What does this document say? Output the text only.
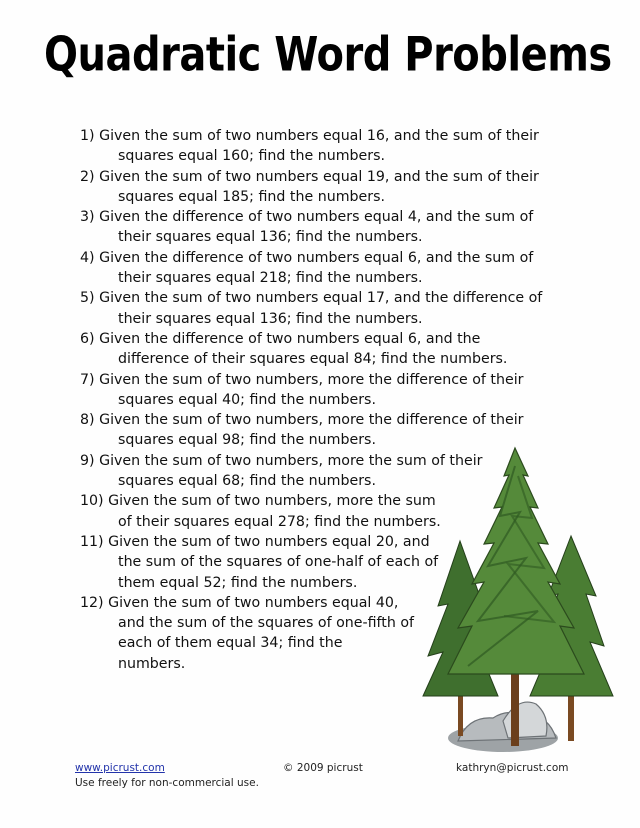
Quadratic Word Problems
1) Given the sum of two numbers equal 16, and the sum of their
squares equal 160; find the numbers.
2) Given the sum of two numbers equal 19, and the sum of their
squares equal 185; find the numbers.
3) Given the difference of two numbers equal 4, and the sum of
their squares equal 136; find the numbers.
4) Given the difference of two numbers equal 6, and the sum of
their squares equal 218; find the numbers.
5) Given the sum of two numbers equal 17, and the difference of
their squares equal 136; find the numbers.
6) Given the difference of two numbers equal 6, and the
difference of their squares equal 84; find the numbers.
7) Given the sum of two numbers, more the difference of their
squares equal 40; find the numbers.
8) Given the sum of two numbers, more the difference of their
squares equal 98; find the numbers.
9) Given the sum of two numbers, more the sum of their
squares equal 68; find the numbers.
10) Given the sum of two numbers, more the sum
of their squares equal 278; find the numbers.
11) Given the sum of two numbers equal 20, and
the sum of the squares of one-half of each of
them equal 52; find the numbers.
12) Given the sum of two numbers equal 40,
and the sum of the squares of one-fifth of
each of them equal 34; find the
numbers.
www.picrust.com
Use freely for non-commercial use.
© 2009 picrust	kathryn@picrust.com
